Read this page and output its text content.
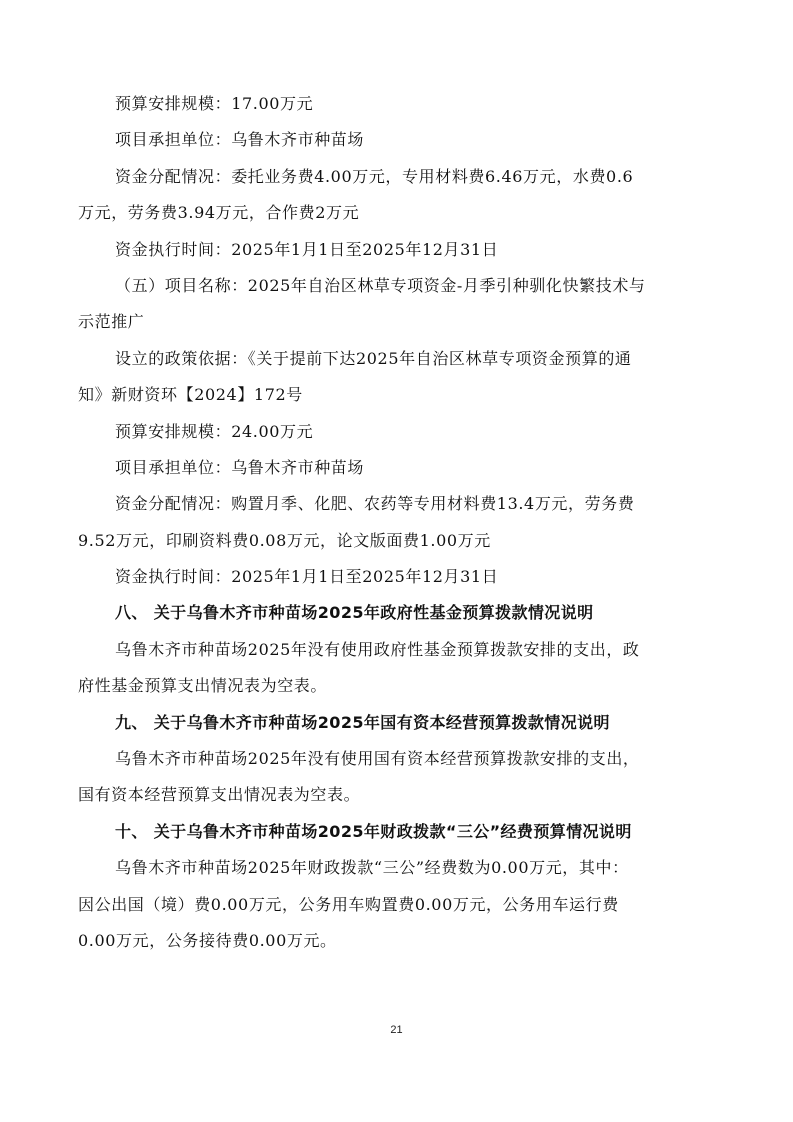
预算安排规模：17.00万元
项目承担单位：乌鲁木齐市种苗场
资金分配情况：委托业务费4.00万元，专用材料费6.46万元，水费0.6
万元，劳务费3.94万元，合作费2万元
资金执行时间：2025年1月1日至2025年12月31日
（五）项目名称：2025年自治区林草专项资金-月季引种驯化快繁技术与
示范推广
设立的政策依据：《关于提前下达2025年自治区林草专项资金预算的通
知》新财资环【2024】172号
预算安排规模：24.00万元
项目承担单位：乌鲁木齐市种苗场
资金分配情况：购置月季、化肥、农药等专用材料费13.4万元，劳务费
9.52万元，印刷资料费0.08万元，论文版面费1.00万元
资金执行时间：2025年1月1日至2025年12月31日
八、 关于乌鲁木齐市种苗场2025年政府性基金预算拨款情况说明
乌鲁木齐市种苗场2025年没有使用政府性基金预算拨款安排的支出，政
府性基金预算支出情况表为空表。
九、 关于乌鲁木齐市种苗场2025年国有资本经营预算拨款情况说明
乌鲁木齐市种苗场2025年没有使用国有资本经营预算拨款安排的支出，
国有资本经营预算支出情况表为空表。
十、 关于乌鲁木齐市种苗场2025年财政拨款“三公”经费预算情况说明
乌鲁木齐市种苗场2025年财政拨款“三公”经费数为0.00万元，其中：
因公出国（境）费0.00万元，公务用车购置费0.00万元，公务用车运行费
0.00万元，公务接待费0.00万元。
21
